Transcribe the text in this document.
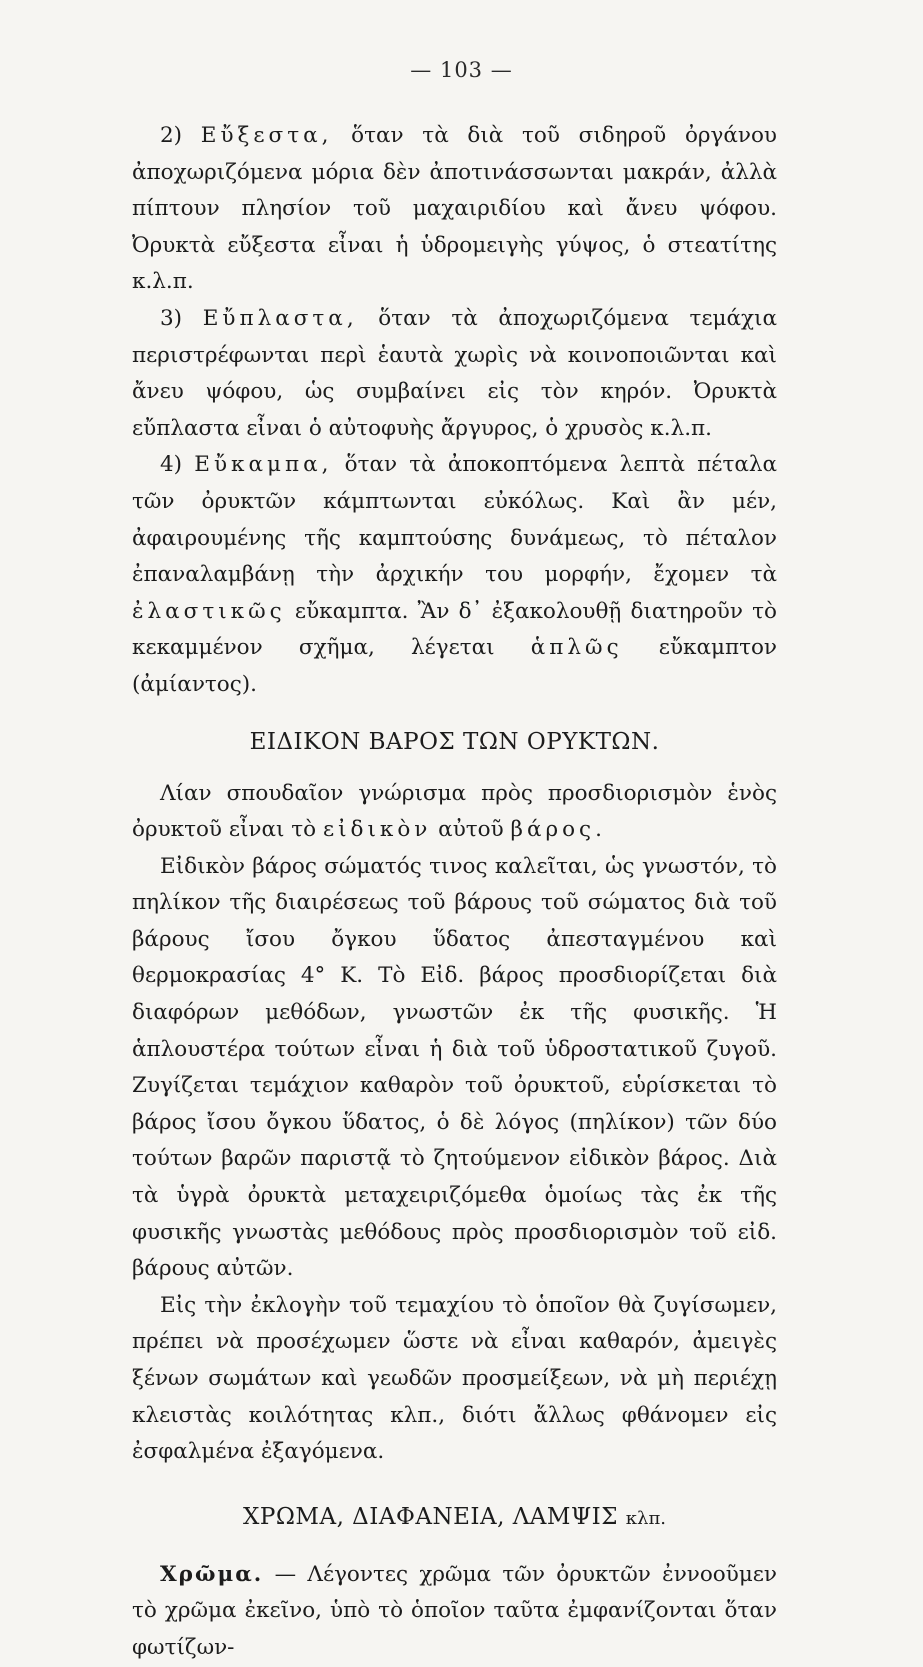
— 103 —

2) Εὔξεστα, ὅταν τὰ διὰ τοῦ σιδηροῦ ὀργάνου ἀποχωριζόμενα μόρια δὲν ἀποτινάσσωνται μακράν, ἀλλὰ πίπτουν πλησίον τοῦ μαχαιριδίου καὶ ἄνευ ψόφου. Ὀρυκτὰ εὔξεστα εἶναι ἡ ὑδρομειγὴς γύψος, ὁ στεατίτης κ.λ.π.

3) Εὔπλαστα, ὅταν τὰ ἀποχωριζόμενα τεμάχια περιστρέφωνται περὶ ἑαυτὰ χωρὶς νὰ κοινοποιῶνται καὶ ἄνευ ψόφου, ὡς συμβαίνει εἰς τὸν κηρόν. Ὀρυκτὰ εὔπλαστα εἶναι ὁ αὐτοφυὴς ἄργυρος, ὁ χρυσὸς κ.λ.π.

4) Εὔκαμπα, ὅταν τὰ ἀποκοπτόμενα λεπτὰ πέταλα τῶν ὀρυκτῶν κάμπτωνται εὐκόλως. Καὶ ἂν μέν, ἀφαιρουμένης τῆς καμπτούσης δυνάμεως, τὸ πέταλον ἐπαναλαμβάνῃ τὴν ἀρχικήν του μορφήν, ἔχομεν τὰ ἐλαστικῶς εὔκαμπτα. Ἂν δ᾽ ἐξακολουθῇ διατηροῦν τὸ κεκαμμένον σχῆμα, λέγεται ἁπλῶς εὔκαμπτον (ἀμίαντος).

ΕΙΔΙΚΟΝ ΒΑΡΟΣ ΤΩΝ ΟΡΥΚΤΩΝ.

Λίαν σπουδαῖον γνώρισμα πρὸς προσδιορισμὸν ἑνὸς ὀρυκτοῦ εἶναι τὸ εἰδικὸν αὐτοῦ βάρος.

Εἰδικὸν βάρος σώματός τινος καλεῖται, ὡς γνωστόν, τὸ πηλίκον τῆς διαιρέσεως τοῦ βάρους τοῦ σώματος διὰ τοῦ βάρους ἴσου ὄγκου ὕδατος ἀπεσταγμένου καὶ θερμοκρασίας 4° Κ. Τὸ Εἰδ. βάρος προσδιορίζεται διὰ διαφόρων μεθόδων, γνωστῶν ἐκ τῆς φυσικῆς. Ἡ ἁπλουστέρα τούτων εἶναι ἡ διὰ τοῦ ὑδροστατικοῦ ζυγοῦ. Ζυγίζεται τεμάχιον καθαρὸν τοῦ ὀρυκτοῦ, εὑρίσκεται τὸ βάρος ἴσου ὄγκου ὕδατος, ὁ δὲ λόγος (πηλίκον) τῶν δύο τούτων βαρῶν παριστᾷ τὸ ζητούμενον εἰδικὸν βάρος. Διὰ τὰ ὑγρὰ ὀρυκτὰ μεταχειριζόμεθα ὁμοίως τὰς ἐκ τῆς φυσικῆς γνωστὰς μεθόδους πρὸς προσδιορισμὸν τοῦ εἰδ. βάρους αὐτῶν.

Εἰς τὴν ἐκλογὴν τοῦ τεμαχίου τὸ ὁποῖον θὰ ζυγίσωμεν, πρέπει νὰ προσέχωμεν ὥστε νὰ εἶναι καθαρόν, ἀμειγὲς ξένων σωμάτων καὶ γεωδῶν προσμείξεων, νὰ μὴ περιέχῃ κλειστὰς κοιλότητας κλπ., διότι ἄλλως φθάνομεν εἰς ἐσφαλμένα ἐξαγόμενα.

ΧΡΩΜΑ, ΔΙΑΦΑΝΕΙΑ, ΛΑΜΨΙΣ κλπ.

Χρῶμα. — Λέγοντες χρῶμα τῶν ὀρυκτῶν ἐννοοῦμεν τὸ χρῶμα ἐκεῖνο, ὑπὸ τὸ ὁποῖον ταῦτα ἐμφανίζονται ὅταν φωτίζων-
